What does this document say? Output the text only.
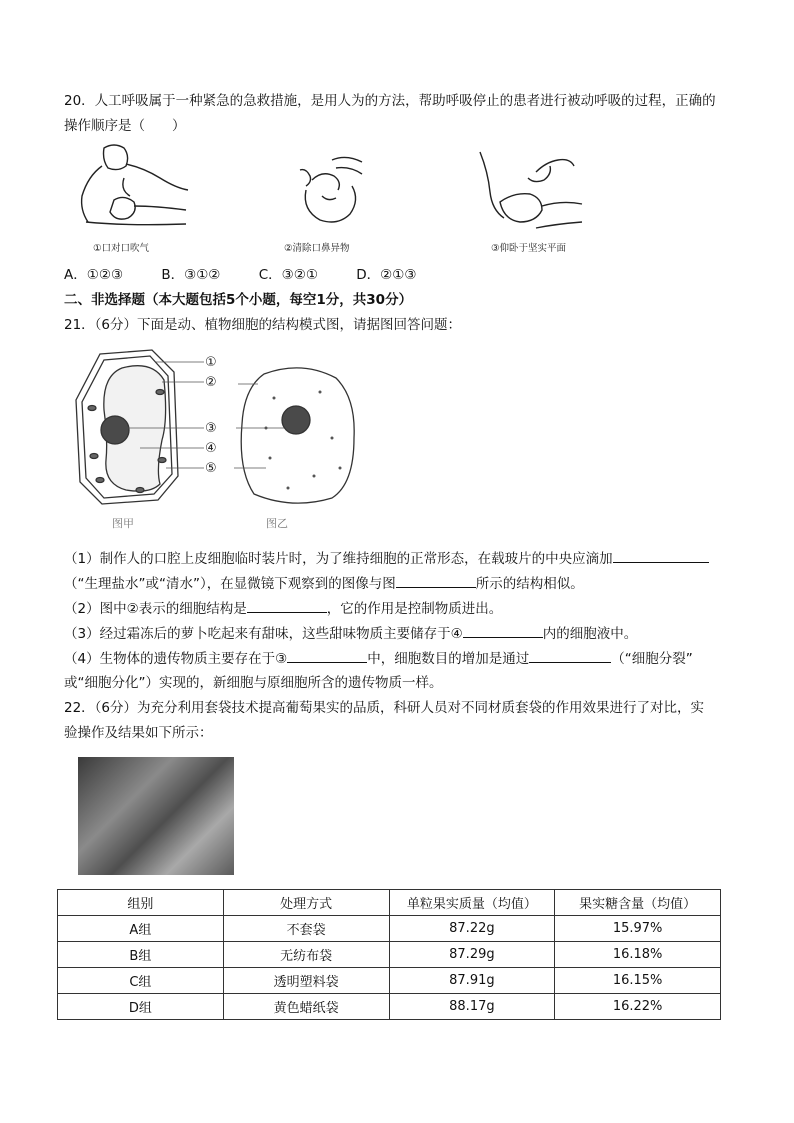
20．人工呼吸属于一种紧急的急救措施，是用人为的方法，帮助呼吸停止的患者进行被动呼吸的过程，正确的
操作顺序是（　　）
①口对口吹气	②清除口鼻异物	③仰卧于坚实平面
A．①②③	B．③①②	C．③②①	D．②①③
二、非选择题（本大题包括5个小题，每空1分，共30分）
21．（6分）下面是动、植物细胞的结构模式图，请据图回答问题：
①
②
③
④
⑤
图甲	图乙
（1）制作人的口腔上皮细胞临时装片时，为了维持细胞的正常形态，在载玻片的中央应滴加
（“生理盐水”或“清水”），在显微镜下观察到的图像与图	所示的结构相似。
（2）图中②表示的细胞结构是	，它的作用是控制物质进出。
（3）经过霜冻后的萝卜吃起来有甜味，这些甜味物质主要储存于④	内的细胞液中。
（4）生物体的遗传物质主要存在于③	中，细胞数目的增加是通过	（“细胞分裂”
或“细胞分化”）实现的，新细胞与原细胞所含的遗传物质一样。
22．（6分）为充分利用套袋技术提高葡萄果实的品质，科研人员对不同材质套袋的作用效果进行了对比，实
验操作及结果如下所示：
组别	处理方式	单粒果实质量（均值）	果实糖含量（均值）
A组	不套袋	87.22g	15.97%
B组	无纺布袋	87.29g	16.18%
C组	透明塑料袋	87.91g	16.15%
D组	黄色蜡纸袋	88.17g	16.22%
